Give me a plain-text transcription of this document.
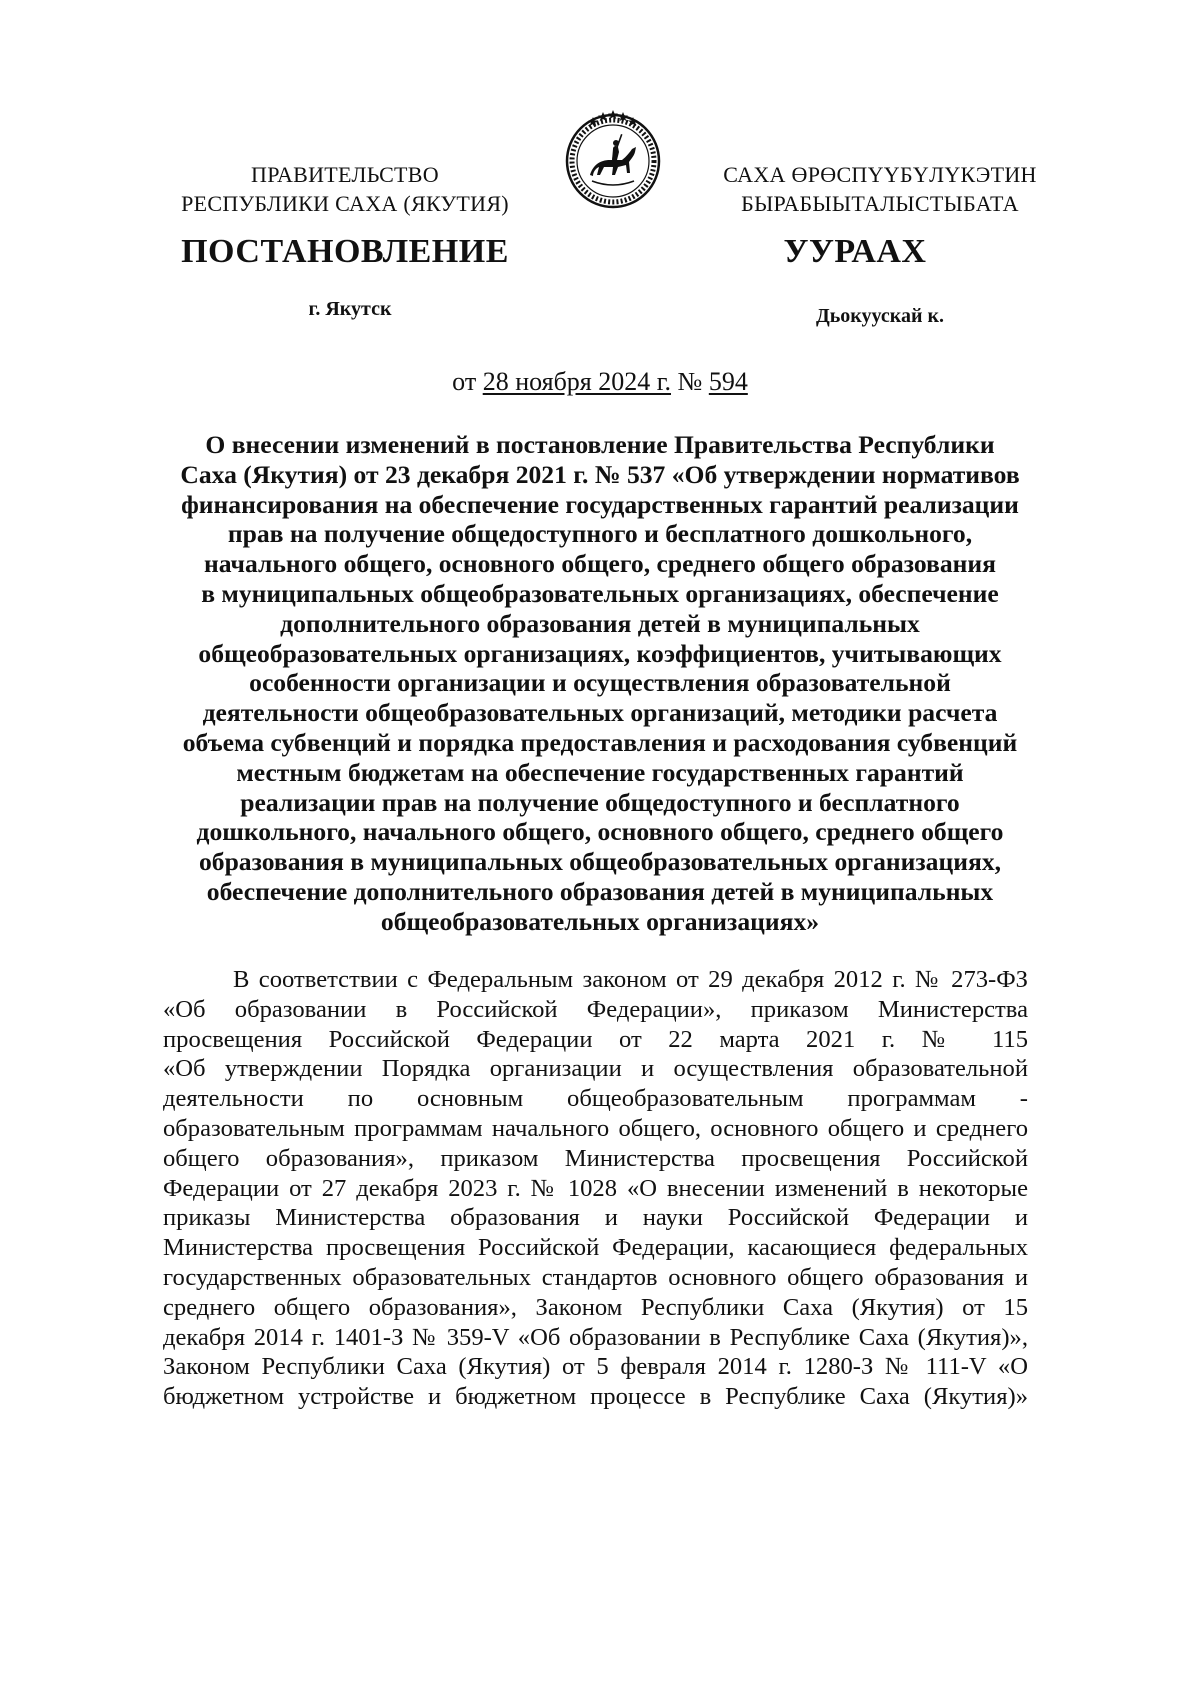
ПРАВИТЕЛЬСТВО
РЕСПУБЛИКИ САХА (ЯКУТИЯ)
САХА ӨРӨСПҮҮБҮЛҮКЭТИН
БЫРАБЫЫТАЛЫСТЫБАТА
ПОСТАНОВЛЕНИЕ	УУРААХ
г. Якутск	Дьокуускай к.
от 28 ноября 2024 г. № 594
О внесении изменений в постановление Правительства Республики
Саха (Якутия) от 23 декабря 2021 г. № 537 «Об утверждении нормативов
финансирования на обеспечение государственных гарантий реализации
прав на получение общедоступного и бесплатного дошкольного,
начального общего, основного общего, среднего общего образования
в муниципальных общеобразовательных организациях, обеспечение
дополнительного образования детей в муниципальных
общеобразовательных организациях, коэффициентов, учитывающих
особенности организации и осуществления образовательной
деятельности общеобразовательных организаций, методики расчета
объема субвенций и порядка предоставления и расходования субвенций
местным бюджетам на обеспечение государственных гарантий
реализации прав на получение общедоступного и бесплатного
дошкольного, начального общего, основного общего, среднего общего
образования в муниципальных общеобразовательных организациях,
обеспечение дополнительного образования детей в муниципальных
общеобразовательных организациях»
В соответствии с Федеральным законом от 29 декабря 2012 г. № 273-ФЗ
«Об образовании в Российской Федерации», приказом Министерства
просвещения Российской Федерации от 22 марта 2021 г. № 115
«Об утверждении Порядка организации и осуществления образовательной
деятельности по основным общеобразовательным программам -
образовательным программам начального общего, основного общего и среднего
общего образования», приказом Министерства просвещения Российской
Федерации от 27 декабря 2023 г. № 1028 «О внесении изменений в некоторые
приказы Министерства образования и науки Российской Федерации и
Министерства просвещения Российской Федерации, касающиеся федеральных
государственных образовательных стандартов основного общего образования и
среднего общего образования», Законом Республики Саха (Якутия) от 15
декабря 2014 г. 1401-З № 359-V «Об образовании в Республике Саха (Якутия)»,
Законом Республики Саха (Якутия) от 5 февраля 2014 г. 1280-З № 111-V «О
бюджетном устройстве и бюджетном процессе в Республике Саха (Якутия)»
